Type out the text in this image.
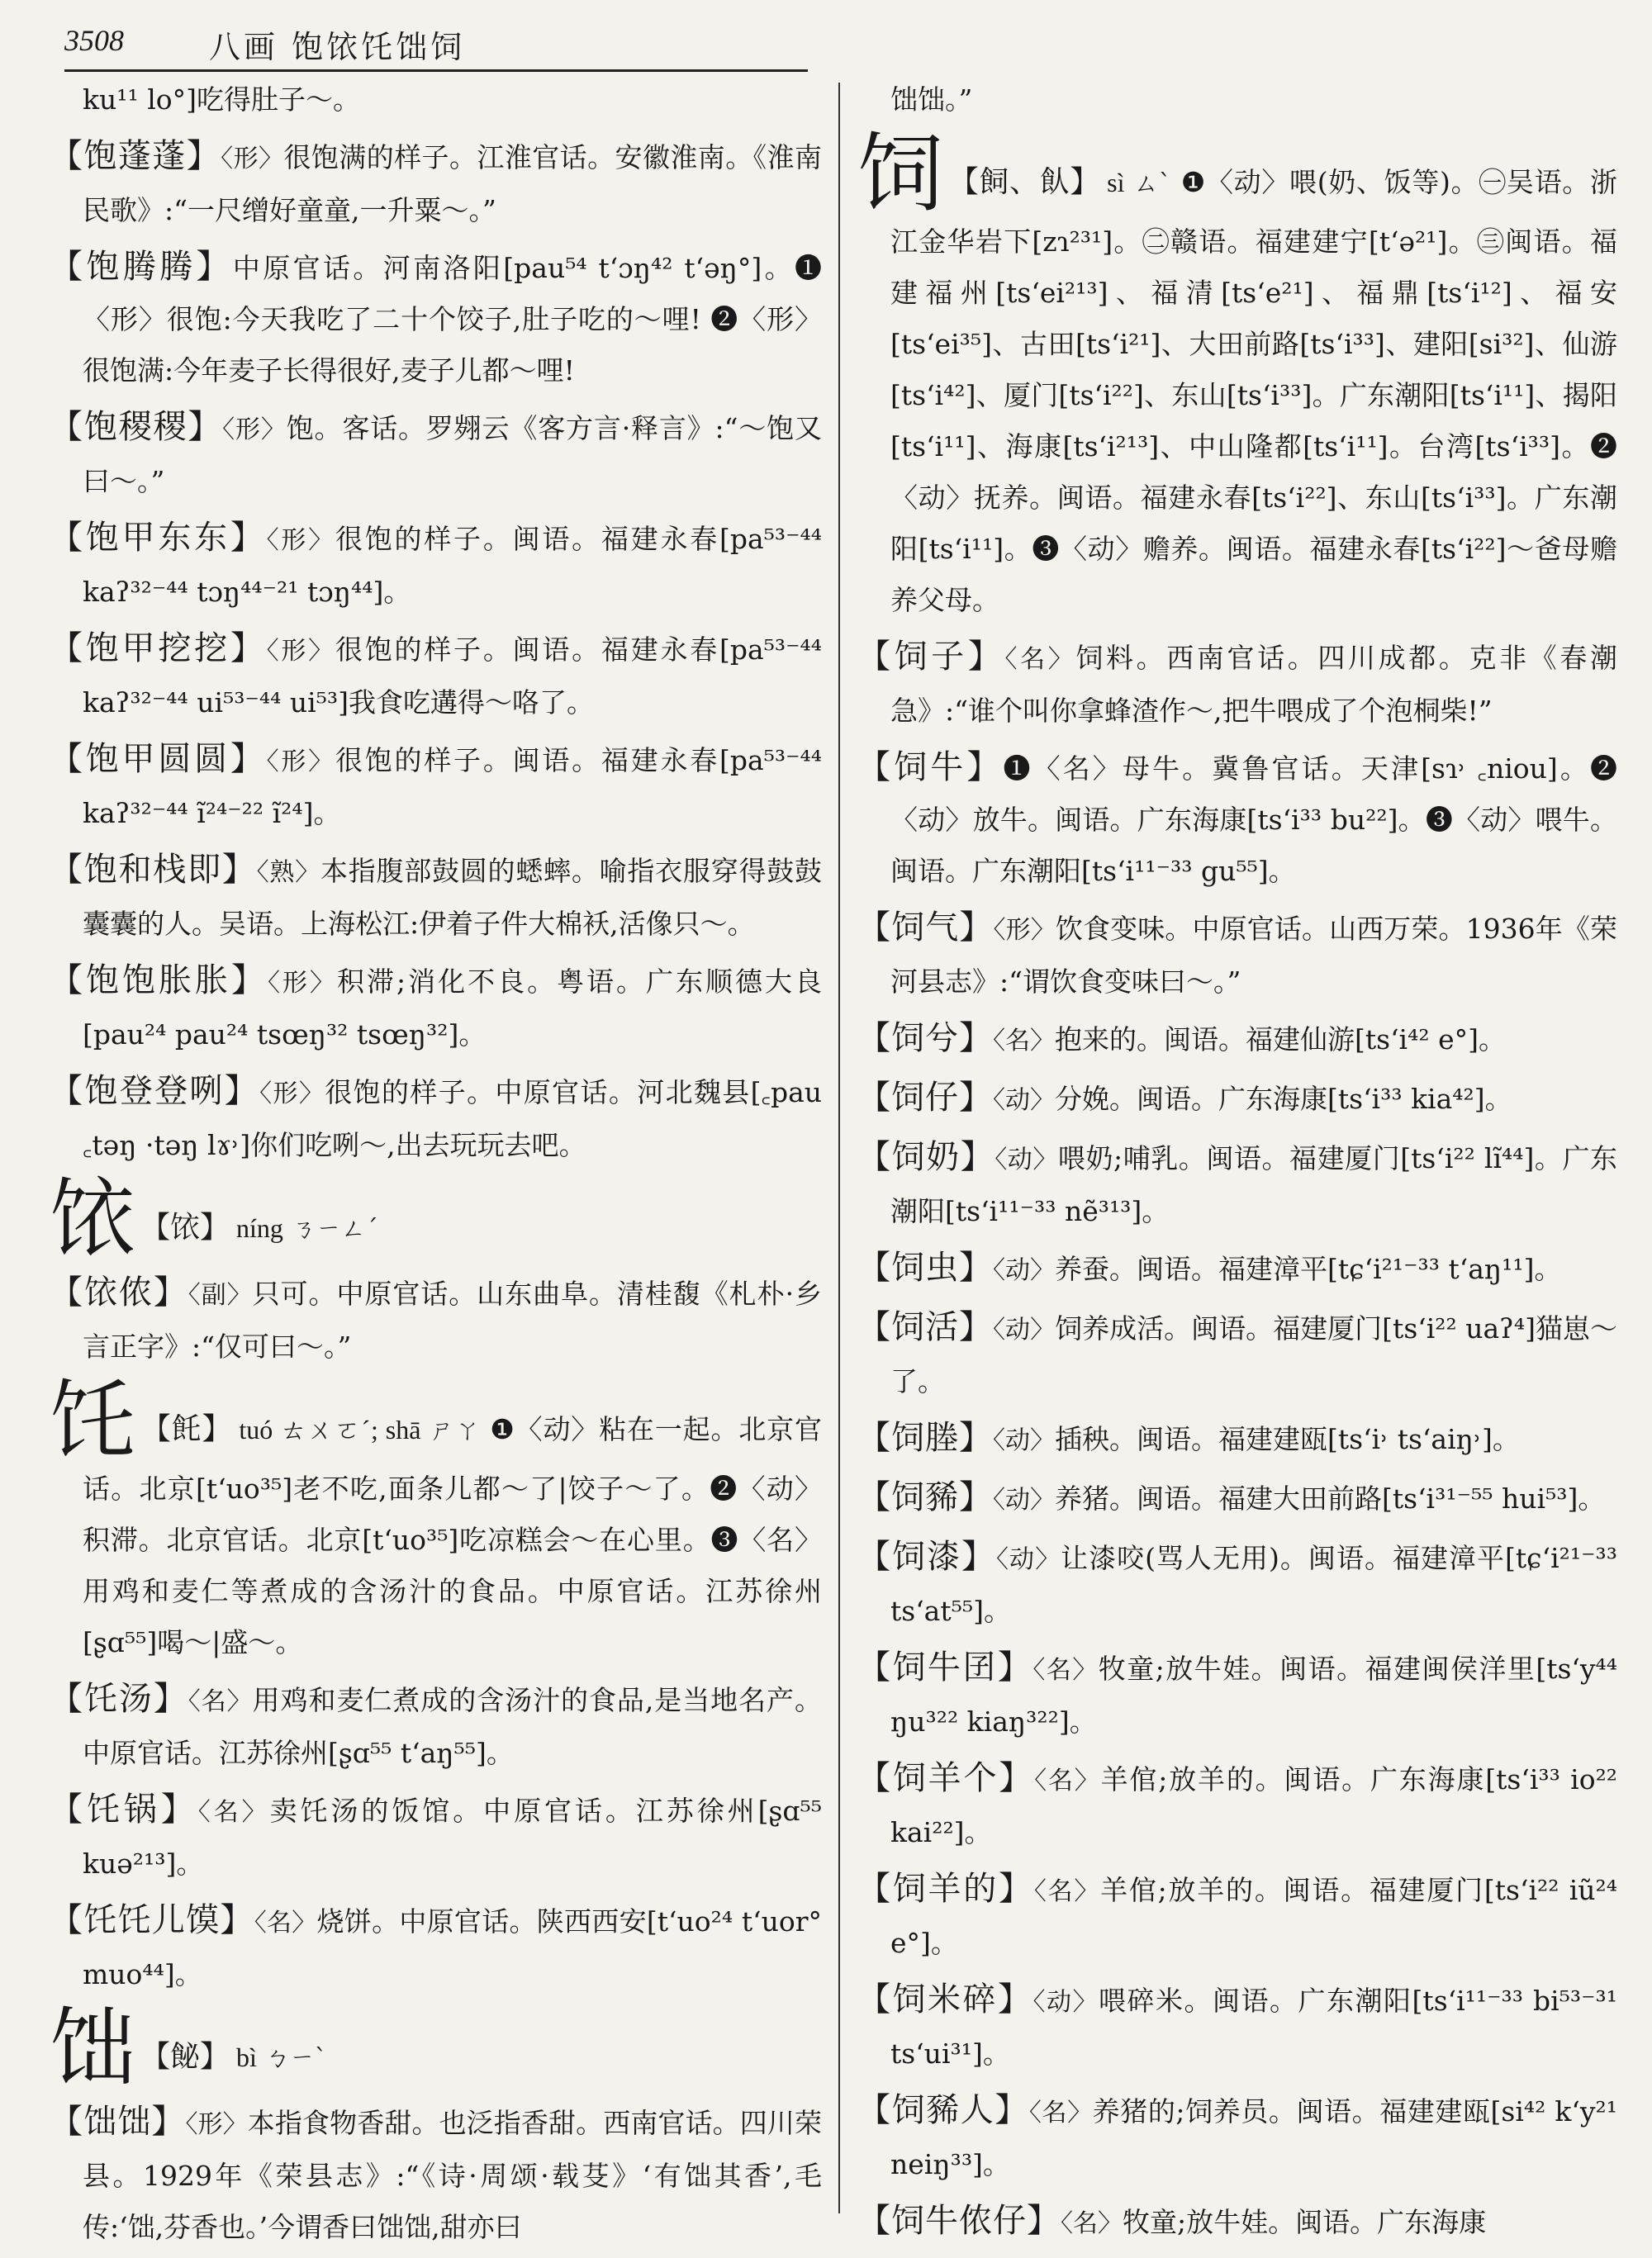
3508	八画 饱饻饦饳饲
ku¹¹ lo°]吃得肚子～。
【饱蓬蓬】〈形〉很饱满的样子。江淮官话。安徽淮南。《淮南民歌》:“一尺缯好童童,一升粟～。”
【饱腾腾】中原官话。河南洛阳[pau⁵⁴ tʻɔŋ⁴² tʻəŋ°]。❶〈形〉很饱:今天我吃了二十个饺子,肚子吃的～哩! ❷〈形〉很饱满:今年麦子长得很好,麦子儿都～哩!
【饱稷稷】〈形〉饱。客话。罗翙云《客方言·释言》:“～饱又曰～。”
【饱甲东东】〈形〉很饱的样子。闽语。福建永春[pa⁵³⁻⁴⁴ kaʔ³²⁻⁴⁴ tɔŋ⁴⁴⁻²¹ tɔŋ⁴⁴]。
【饱甲挖挖】〈形〉很饱的样子。闽语。福建永春[pa⁵³⁻⁴⁴ kaʔ³²⁻⁴⁴ ui⁵³⁻⁴⁴ ui⁵³]我食吃遘得～咯了。
【饱甲圆圆】〈形〉很饱的样子。闽语。福建永春[pa⁵³⁻⁴⁴ kaʔ³²⁻⁴⁴ ĩ²⁴⁻²² ĩ²⁴]。
【饱和栈即】〈熟〉本指腹部鼓圆的蟋蟀。喻指衣服穿得鼓鼓囊囊的人。吴语。上海松江:伊着子件大棉袄,活像只～。
【饱饱胀胀】〈形〉积滞;消化不良。粤语。广东顺德大良[pau²⁴ pau²⁴ tsœŋ³² tsœŋ³²]。
【饱登登咧】〈形〉很饱的样子。中原官话。河北魏县[꜀pau ꜀təŋ ·təŋ lɤ˒]你们吃咧～,出去玩玩去吧。
饻 【饻】 níng ㄋㄧㄥˊ
【饻侬】〈副〉只可。中原官话。山东曲阜。清桂馥《札朴·乡言正字》:“仅可曰～。”
饦 【飥】 tuó ㄊㄨㄛˊ; shā ㄕㄚ ❶〈动〉粘在一起。北京官话。北京[tʻuo³⁵]老不吃,面条儿都～了|饺子～了。❷〈动〉积滞。北京官话。北京[tʻuo³⁵]吃凉糕会～在心里。❸〈名〉用鸡和麦仁等煮成的含汤汁的食品。中原官话。江苏徐州[ʂɑ⁵⁵]喝～|盛～。
【饦汤】〈名〉用鸡和麦仁煮成的含汤汁的食品,是当地名产。中原官话。江苏徐州[ʂɑ⁵⁵ tʻaŋ⁵⁵]。
【饦锅】〈名〉卖饦汤的饭馆。中原官话。江苏徐州[ʂɑ⁵⁵ kuə²¹³]。
【饦饦儿馍】〈名〉烧饼。中原官话。陕西西安[tʻuo²⁴ tʻuor° muo⁴⁴]。
饳 【飶】 bì ㄅㄧˋ
【饳饳】〈形〉本指食物香甜。也泛指香甜。西南官话。四川荣县。1929年《荣县志》:“《诗·周颂·载芟》‘有饳其香’,毛传:‘饳,芬香也。’今谓香曰饳饳,甜亦曰
饳饳。”
饲 【飼、飤】 sì ㄙˋ ❶〈动〉喂(奶、饭等)。㊀吴语。浙江金华岩下[zɿ²³¹]。㊁赣语。福建建宁[tʻə²¹]。㊂闽语。福建福州[tsʻei²¹³]、福清[tsʻe²¹]、福鼎[tsʻi¹²]、福安[tsʻei³⁵]、古田[tsʻi²¹]、大田前路[tsʻi³³]、建阳[si³²]、仙游[tsʻi⁴²]、厦门[tsʻi²²]、东山[tsʻi³³]。广东潮阳[tsʻi¹¹]、揭阳[tsʻi¹¹]、海康[tsʻi²¹³]、中山隆都[tsʻi¹¹]。台湾[tsʻi³³]。❷〈动〉抚养。闽语。福建永春[tsʻi²²]、东山[tsʻi³³]。广东潮阳[tsʻi¹¹]。❸〈动〉赡养。闽语。福建永春[tsʻi²²]～爸母赡养父母。
【饲子】〈名〉饲料。西南官话。四川成都。克非《春潮急》:“谁个叫你拿蜂渣作～,把牛喂成了个泡桐柴!”
【饲牛】❶〈名〉母牛。冀鲁官话。天津[sɿ˒ ꜀niou]。❷〈动〉放牛。闽语。广东海康[tsʻi³³ bu²²]。❸〈动〉喂牛。闽语。广东潮阳[tsʻi¹¹⁻³³ gu⁵⁵]。
【饲气】〈形〉饮食变味。中原官话。山西万荣。1936年《荣河县志》:“谓饮食变味曰～。”
【饲兮】〈名〉抱来的。闽语。福建仙游[tsʻi⁴² e°]。
【饲仔】〈动〉分娩。闽语。广东海康[tsʻi³³ kia⁴²]。
【饲奶】〈动〉喂奶;哺乳。闽语。福建厦门[tsʻi²² lĩ⁴⁴]。广东潮阳[tsʻi¹¹⁻³³ nẽ³¹³]。
【饲虫】〈动〉养蚕。闽语。福建漳平[tɕʻi²¹⁻³³ tʻaŋ¹¹]。
【饲活】〈动〉饲养成活。闽语。福建厦门[tsʻi²² uaʔ⁴]猫崽～了。
【饲塍】〈动〉插秧。闽语。福建建瓯[tsʻi˒ tsʻaiŋ˒]。
【饲豨】〈动〉养猪。闽语。福建大田前路[tsʻi³¹⁻⁵⁵ hui⁵³]。
【饲漆】〈动〉让漆咬(骂人无用)。闽语。福建漳平[tɕʻi²¹⁻³³ tsʻat⁵⁵]。
【饲牛囝】〈名〉牧童;放牛娃。闽语。福建闽侯洋里[tsʻy⁴⁴ ŋu³²² kiaŋ³²²]。
【饲羊个】〈名〉羊倌;放羊的。闽语。广东海康[tsʻi³³ io²² kai²²]。
【饲羊的】〈名〉羊倌;放羊的。闽语。福建厦门[tsʻi²² iũ²⁴ e°]。
【饲米碎】〈动〉喂碎米。闽语。广东潮阳[tsʻi¹¹⁻³³ bi⁵³⁻³¹ tsʻui³¹]。
【饲豨人】〈名〉养猪的;饲养员。闽语。福建建瓯[si⁴² kʻy²¹ neiŋ³³]。
【饲牛侬仔】〈名〉牧童;放牛娃。闽语。广东海康
